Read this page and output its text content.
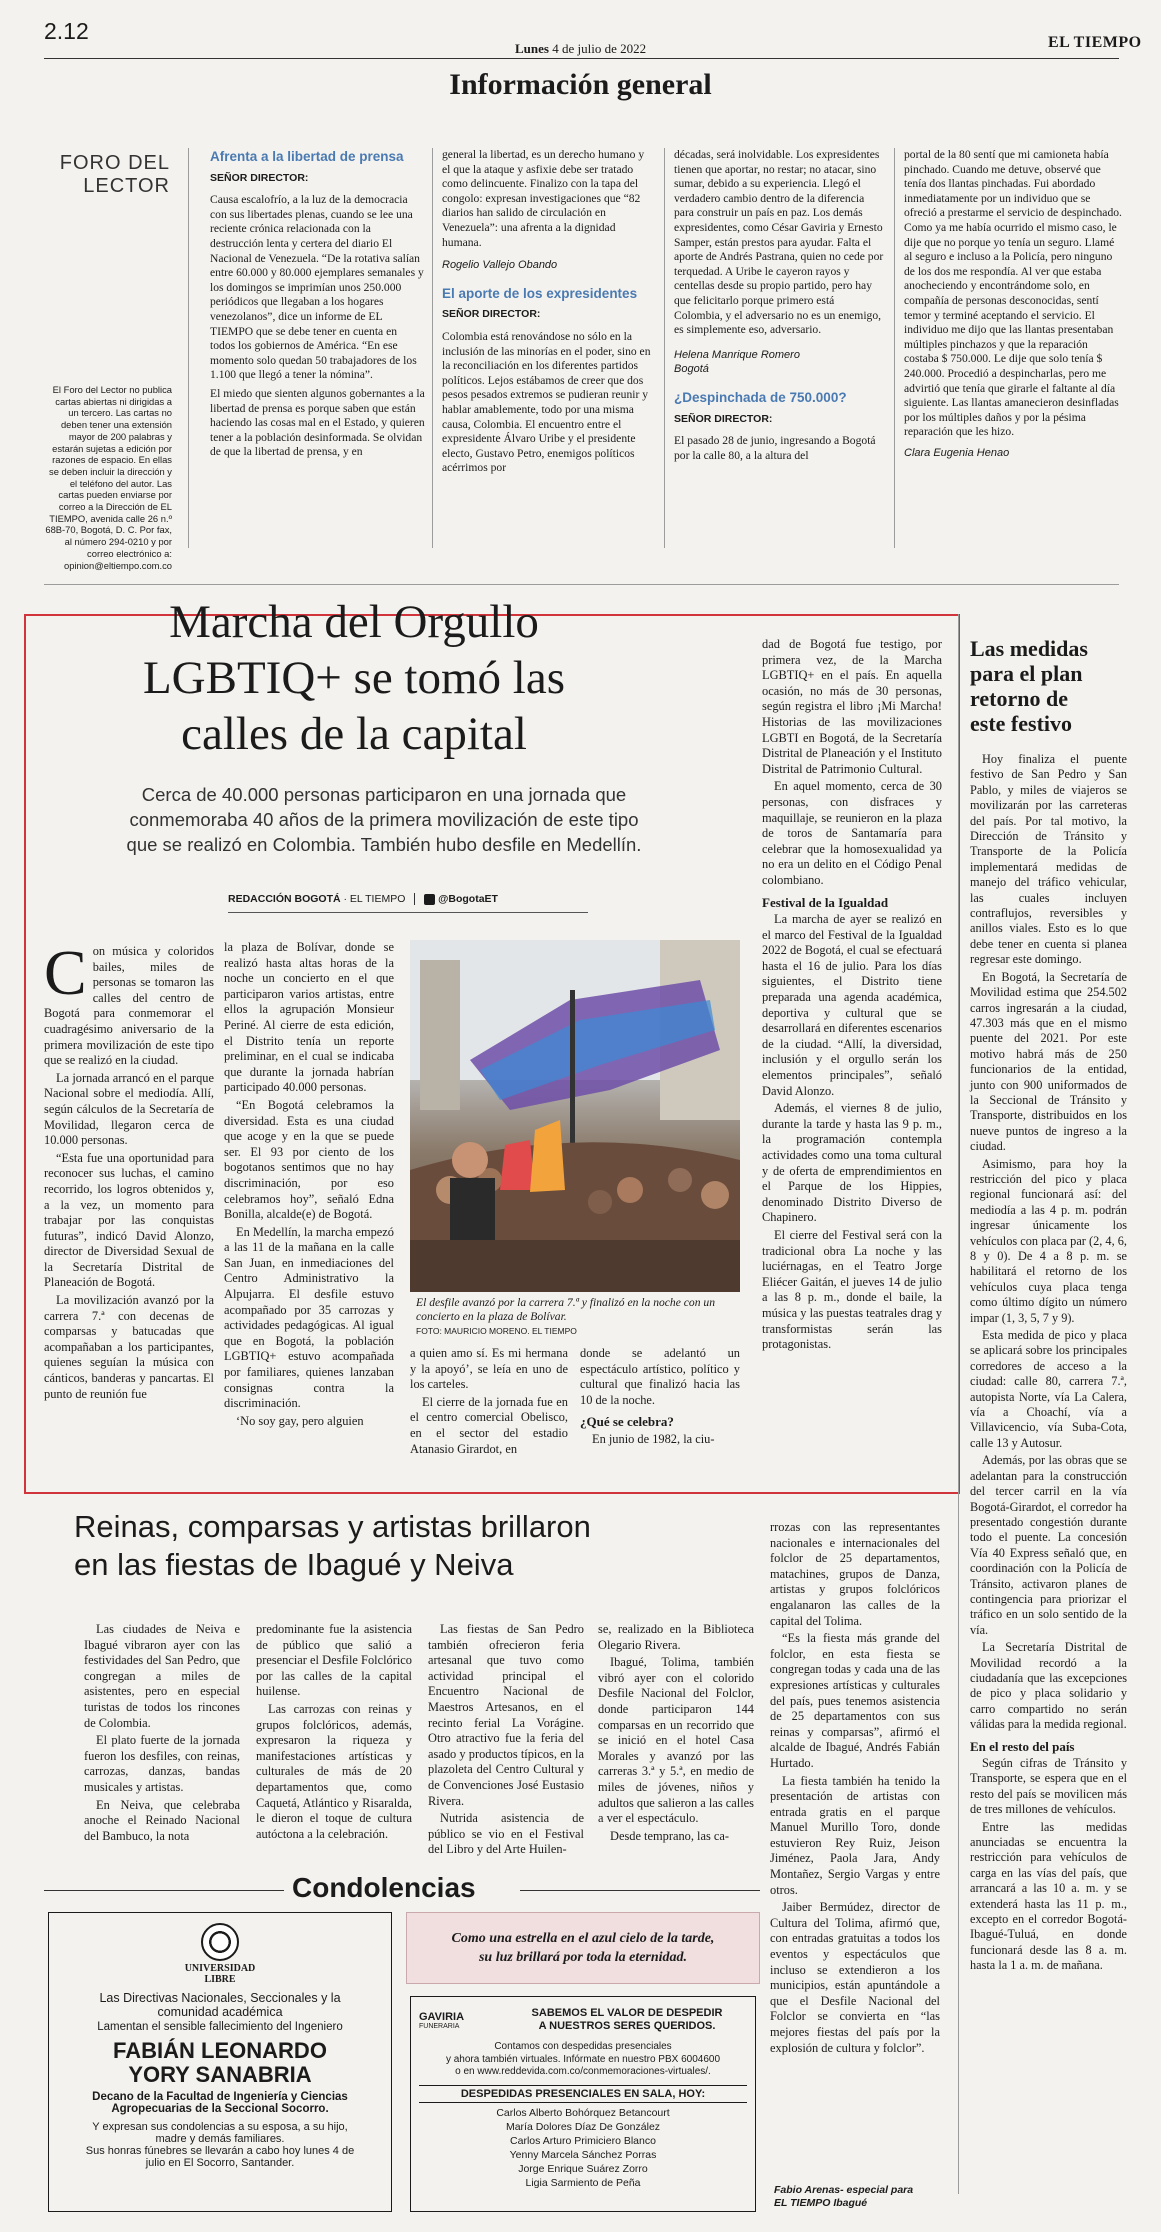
2.12
Lunes 4 de julio de 2022	EL TIEMPO
Información general
FORO DEL
LECTOR
El Foro del Lector no publica cartas abiertas ni dirigidas a un tercero. Las cartas no deben tener una extensión mayor de 200 palabras y estarán sujetas a edición por razones de espacio. En ellas se deben incluir la dirección y el teléfono del autor. Las cartas pueden enviarse por correo a la Dirección de EL TIEMPO, avenida calle 26 n.º 68B-70, Bogotá, D. C. Por fax, al número 294-0210 y por correo electrónico a: opinion@eltiempo.com.co
Afrenta a la libertad de prensa
SEÑOR DIRECTOR:

Causa escalofrío, a la luz de la democracia con sus libertades plenas, cuando se lee una reciente crónica relacionada con la destrucción lenta y certera del diario El Nacional de Venezuela. “De la rotativa salían entre 60.000 y 80.000 ejemplares semanales y los domingos se imprimían unos 250.000 periódicos que llegaban a los hogares venezolanos”, dice un informe de EL TIEMPO que se debe tener en cuenta en todos los gobiernos de América. “En ese momento solo quedan 50 trabajadores de los 1.100 que llegó a tener la nómina”.

El miedo que sienten algunos gobernantes a la libertad de prensa es porque saben que están haciendo las cosas mal en el Estado, y quieren tener a la población desinformada. Se olvidan de que la libertad de prensa, y en

general la libertad, es un derecho humano y el que la ataque y asfixie debe ser tratado como delincuente. Finalizo con la tapa del congolo: expresan investigaciones que “82 diarios han salido de circulación en Venezuela”: una afrenta a la dignidad humana.

Rogelio Vallejo Obando

El aporte de los expresidentes
SEÑOR DIRECTOR:

Colombia está renovándose no sólo en la inclusión de las minorías en el poder, sino en la reconciliación en los diferentes partidos políticos. Lejos estábamos de creer que dos pesos pesados extremos se pudieran reunir y hablar amablemente, todo por una misma causa, Colombia. El encuentro entre el expresidente Álvaro Uribe y el presidente electo, Gustavo Petro, enemigos políticos acérrimos por

décadas, será inolvidable. Los expresidentes tienen que aportar, no restar; no atacar, sino sumar, debido a su experiencia. Llegó el verdadero cambio dentro de la diferencia para construir un país en paz. Los demás expresidentes, como César Gaviria y Ernesto Samper, están prestos para ayudar. Falta el aporte de Andrés Pastrana, quien no cede por terquedad. A Uribe le cayeron rayos y centellas desde su propio partido, pero hay que felicitarlo porque primero está Colombia, y el adversario no es un enemigo, es simplemente eso, adversario.

Helena Manrique Romero

Bogotá

¿Despinchada de 750.000?
SEÑOR DIRECTOR:

El pasado 28 de junio, ingresando a Bogotá por la calle 80, a la altura del

portal de la 80 sentí que mi camioneta había pinchado. Cuando me detuve, observé que tenía dos llantas pinchadas. Fui abordado inmediatamente por un individuo que se ofreció a prestarme el servicio de despinchado. Como ya me había ocurrido el mismo caso, le dije que no porque yo tenía un seguro. Llamé al seguro e incluso a la Policía, pero ninguno de los dos me respondía. Al ver que estaba anocheciendo y encontrándome solo, en compañía de personas desconocidas, sentí temor y terminé aceptando el servicio. El individuo me dijo que las llantas presentaban múltiples pinchazos y que la reparación costaba $ 750.000. Le dije que solo tenía $ 240.000. Procedió a despincharlas, pero me advirtió que tenía que girarle el faltante al día siguiente. Las llantas amanecieron desinfladas por los múltiples daños y por la pésima reparación que les hizo.

Clara Eugenia Henao

Marcha del Orgullo
LGBTIQ+ se tomó las
calles de la capital
Cerca de 40.000 personas participaron en una jornada que
conmemoraba 40 años de la primera movilización de este tipo
que se realizó en Colombia. También hubo desfile en Medellín.
REDACCIÓN BOGOTÁ · EL TIEMPO	@BogotaET

Con música y coloridos bailes, miles de personas se tomaron las calles del centro de Bogotá para conmemorar el cuadragésimo aniversario de la primera movilización de este tipo que se realizó en la ciudad.

La jornada arrancó en el parque Nacional sobre el mediodía. Allí, según cálculos de la Secretaría de Movilidad, llegaron cerca de 10.000 personas.

“Esta fue una oportunidad para reconocer sus luchas, el camino recorrido, los logros obtenidos y, a la vez, un momento para trabajar por las conquistas futuras”, indicó David Alonzo, director de Diversidad Sexual de la Secretaría Distrital de Planeación de Bogotá.

La movilización avanzó por la carrera 7.ª con decenas de comparsas y batucadas que acompañaban a los participantes, quienes seguían la música con cánticos, banderas y pancartas. El punto de reunión fue

la plaza de Bolívar, donde se realizó hasta altas horas de la noche un concierto en el que participaron varios artistas, entre ellos la agrupación Monsieur Periné. Al cierre de esta edición, el Distrito tenía un reporte preliminar, en el cual se indicaba que durante la jornada habrían participado 40.000 personas.

“En Bogotá celebramos la diversidad. Esta es una ciudad que acoge y en la que se puede ser. El 93 por ciento de los bogotanos sentimos que no hay discriminación, por eso celebramos hoy”, señaló Edna Bonilla, alcalde(e) de Bogotá.

En Medellín, la marcha empezó a las 11 de la mañana en la calle San Juan, en inmediaciones del Centro Administrativo la Alpujarra. El desfile estuvo acompañado por 35 carrozas y actividades pedagógicas. Al igual que en Bogotá, la población LGBTIQ+ estuvo acompañada por familiares, quienes lanzaban consignas contra la discriminación.

‘No soy gay, pero alguien

El desfile avanzó por la carrera 7.ª y finalizó en la noche con un concierto en la plaza de Bolívar.
FOTO: MAURICIO MORENO. EL TIEMPO

a quien amo sí. Es mi hermana y la apoyó’, se leía en uno de los carteles.

El cierre de la jornada fue en el centro comercial Obelisco, en el sector del estadio Atanasio Girardot, en

donde se adelantó un espectáculo artístico, político y cultural que finalizó hacia las 10 de la noche.

¿Qué se celebra?

En junio de 1982, la ciu-

dad de Bogotá fue testigo, por primera vez, de la Marcha LGBTIQ+ en el país. En aquella ocasión, no más de 30 personas, según registra el libro ¡Mi Marcha! Historias de las movilizaciones LGBTI en Bogotá, de la Secretaría Distrital de Planeación y el Instituto Distrital de Patrimonio Cultural.

En aquel momento, cerca de 30 personas, con disfraces y maquillaje, se reunieron en la plaza de toros de Santamaría para celebrar que la homosexualidad ya no era un delito en el Código Penal colombiano.

Festival de la Igualdad

La marcha de ayer se realizó en el marco del Festival de la Igualdad 2022 de Bogotá, el cual se efectuará hasta el 16 de julio. Para los días siguientes, el Distrito tiene preparada una agenda académica, deportiva y cultural que se desarrollará en diferentes escenarios de la ciudad. “Allí, la diversidad, inclusión y el orgullo serán los elementos principales”, señaló David Alonzo.

Además, el viernes 8 de julio, durante la tarde y hasta las 9 p. m., la programación contempla actividades como una toma cultural y de oferta de emprendimientos en el Parque de los Hippies, denominado Distrito Diverso de Chapinero.

El cierre del Festival será con la tradicional obra La noche y las luciérnagas, en el Teatro Jorge Eliécer Gaitán, el jueves 14 de julio a las 8 p. m., donde el baile, la música y las puestas teatrales drag y transformistas serán las protagonistas.

Las medidas
para el plan
retorno de
este festivo

Hoy finaliza el puente festivo de San Pedro y San Pablo, y miles de viajeros se movilizarán por las carreteras del país. Por tal motivo, la Dirección de Tránsito y Transporte de la Policía implementará medidas de manejo del tráfico vehicular, las cuales incluyen contraflujos, reversibles y anillos viales. Esto es lo que debe tener en cuenta si planea regresar este domingo.

En Bogotá, la Secretaría de Movilidad estima que 254.502 carros ingresarán a la ciudad, 47.303 más que en el mismo puente del 2021. Por este motivo habrá más de 250 funcionarios de la entidad, junto con 900 uniformados de la Seccional de Tránsito y Transporte, distribuidos en los nueve puntos de ingreso a la ciudad.

Asimismo, para hoy la restricción del pico y placa regional funcionará así: del mediodía a las 4 p. m. podrán ingresar únicamente los vehículos con placa par (2, 4, 6, 8 y 0). De 4 a 8 p. m. se habilitará el retorno de los vehículos cuya placa tenga como último dígito un número impar (1, 3, 5, 7 y 9).

Esta medida de pico y placa se aplicará sobre los principales corredores de acceso a la ciudad: calle 80, carrera 7.ª, autopista Norte, vía La Calera, vía a Choachí, vía a Villavicencio, vía Suba-Cota, calle 13 y Autosur.

Además, por las obras que se adelantan para la construcción del tercer carril en la vía Bogotá-Girardot, el corredor ha presentado congestión durante todo el puente. La concesión Vía 40 Express señaló que, en coordinación con la Policía de Tránsito, activaron planes de contingencia para priorizar el tráfico en un solo sentido de la vía.

La Secretaría Distrital de Movilidad recordó a la ciudadanía que las excepciones de pico y placa solidario y carro compartido no serán válidas para la medida regional.

En el resto del país

Según cifras de Tránsito y Transporte, se espera que en el resto del país se movilicen más de tres millones de vehículos.

Entre las medidas anunciadas se encuentra la restricción para vehículos de carga en las vías del país, que arrancará a las 10 a. m. y se extenderá hasta las 11 p. m., excepto en el corredor Bogotá-Ibagué-Tuluá, en donde funcionará desde las 8 a. m. hasta la 1 a. m. de mañana.

Reinas, comparsas y artistas brillaron
en las fiestas de Ibagué y Neiva

Las ciudades de Neiva e Ibagué vibraron ayer con las festividades del San Pedro, que congregan a miles de asistentes, pero en especial turistas de todos los rincones de Colombia.

El plato fuerte de la jornada fueron los desfiles, con reinas, carrozas, danzas, bandas musicales y artistas.

En Neiva, que celebraba anoche el Reinado Nacional del Bambuco, la nota

predominante fue la asistencia de público que salió a presenciar el Desfile Folclórico por las calles de la capital huilense.

Las carrozas con reinas y grupos folclóricos, además, expresaron la riqueza y manifestaciones artísticas y culturales de más de 20 departamentos que, como Caquetá, Atlántico y Risaralda, le dieron el toque de cultura autóctona a la celebración.

Las fiestas de San Pedro también ofrecieron feria artesanal que tuvo como actividad principal el Encuentro Nacional de Maestros Artesanos, en el recinto ferial La Vorágine. Otro atractivo fue la feria del asado y productos típicos, en la plazoleta del Centro Cultural y de Convenciones José Eustasio Rivera.

Nutrida asistencia de público se vio en el Festival del Libro y del Arte Huilen-

se, realizado en la Biblioteca Olegario Rivera.

Ibagué, Tolima, también vibró ayer con el colorido Desfile Nacional del Folclor, donde participaron 144 comparsas en un recorrido que se inició en el hotel Casa Morales y avanzó por las carreras 3.ª y 5.ª, en medio de miles de jóvenes, niños y adultos que salieron a las calles a ver el espectáculo.

Desde temprano, las ca-

rrozas con las representantes nacionales e internacionales del folclor de 25 departamentos, matachines, grupos de Danza, artistas y grupos folclóricos engalanaron las calles de la capital del Tolima.

“Es la fiesta más grande del folclor, en esta fiesta se congregan todas y cada una de las expresiones artísticas y culturales del país, pues tenemos asistencia de 25 departamentos con sus reinas y comparsas”, afirmó el alcalde de Ibagué, Andrés Fabián Hurtado.

La fiesta también ha tenido la presentación de artistas con entrada gratis en el parque Manuel Murillo Toro, donde estuvieron Rey Ruiz, Jeison Jiménez, Paola Jara, Andy Montañez, Sergio Vargas y entre otros.

Jaiber Bermúdez, director de Cultura del Tolima, afirmó que, con entradas gratuitas a todos los eventos y espectáculos que incluso se extendieron a los municipios, están apuntándole a que el Desfile Nacional del Folclor se convierta en “las mejores fiestas del país por la explosión de cultura y folclor”.

Fabio Arenas- especial para
EL TIEMPO Ibagué
Condolencias
UNIVERSIDAD
LIBRE
Las Directivas Nacionales, Seccionales y la
comunidad académica
Lamentan el sensible fallecimiento del Ingeniero
FABIÁN LEONARDO
YORY SANABRIA
Decano de la Facultad de Ingeniería y Ciencias
Agropecuarias de la Seccional Socorro.
Y expresan sus condolencias a su esposa, a su hijo,
madre y demás familiares.
Sus honras fúnebres se llevarán a cabo hoy lunes 4 de
julio en El Socorro, Santander.
Como una estrella en el azul cielo de la tarde,
su luz brillará por toda la eternidad.
GAVIRIA
FUNERARIA
SABEMOS EL VALOR DE DESPEDIR
A NUESTROS SERES QUERIDOS.
Contamos con despedidas presenciales
y ahora también virtuales. Infórmate en nuestro PBX 6004600
o en www.reddevida.com.co/conmemoraciones-virtuales/.
DESPEDIDAS PRESENCIALES EN SALA, HOY:
Carlos Alberto Bohórquez Betancourt
María Dolores Díaz De González
Carlos Arturo Primiciero Blanco
Yenny Marcela Sánchez Porras
Jorge Enrique Suárez Zorro
Ligia Sarmiento de Peña
